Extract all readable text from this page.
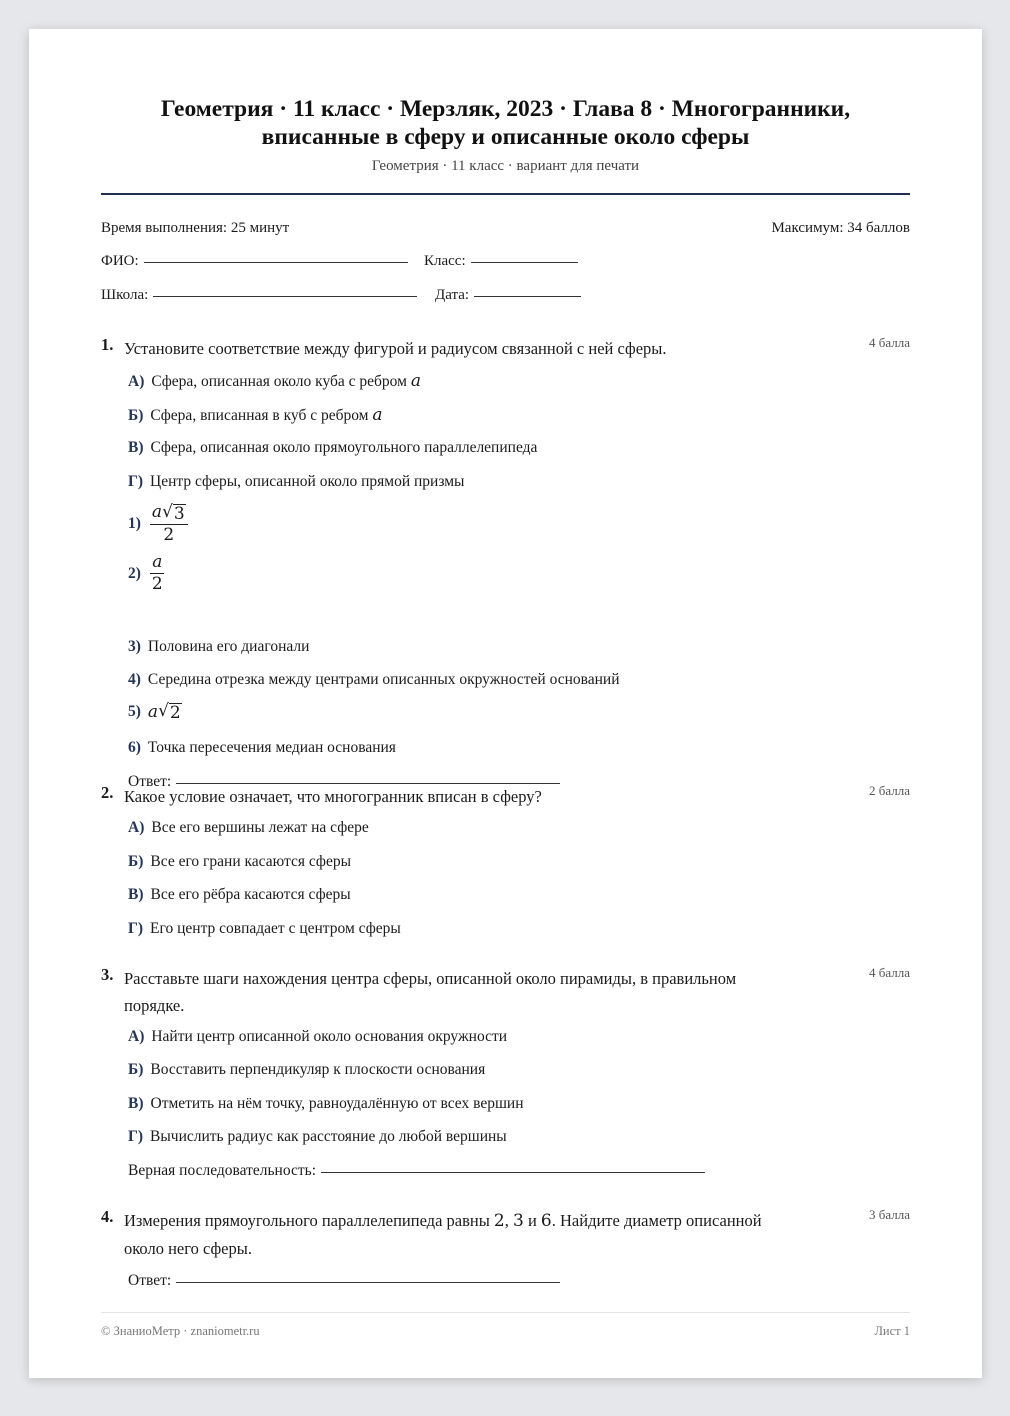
Геометрия · 11 класс · Мерзляк, 2023 · Глава 8 · Многогранники,
вписанные в сферу и описанные около сферы
Геометрия · 11 класс · вариант для печати
Время выполнения: 25 минут	Максимум: 34 баллов
ФИО:	Класс:
Школа:	Дата:
1. Установите соответствие между фигурой и радиусом связанной с ней сферы.	4 балла
А) Сфера, описанная около куба с ребром a
Б) Сфера, вписанная в куб с ребром a
В) Сфера, описанная около прямоугольного параллелепипеда
Г) Центр сферы, описанной около прямой призмы
$1) \frac{a √ 3}{2}$
$2) \frac{a}{2}$
3) Половина его диагонали
4) Середина отрезка между центрами описанных окружностей оснований
5) a √ 2
6) Точка пересечения медиан основания
Ответ:
2. Какое условие означает, что многогранник вписан в сферу?	2 балла
А) Все его вершины лежат на сфере
Б) Все его грани касаются сферы
В) Все его рёбра касаются сферы
Г) Его центр совпадает с центром сферы
3. Расставьте шаги нахождения центра сферы, описанной около пирамиды, в правильном
порядке.
4 балла
А) Найти центр описанной около основания окружности
Б) Восставить перпендикуляр к плоскости основания
В) Отметить на нём точку, равноудалённую от всех вершин
Г) Вычислить радиус как расстояние до любой вершины
Верная последовательность:
4. Измерения прямоугольного параллелепипеда равны 2, 3 и 6. Найдите диаметр описанной
около него сферы.
3 балла
Ответ:
© ЗнаниоМетр · znaniometr.ru	Лист 1
